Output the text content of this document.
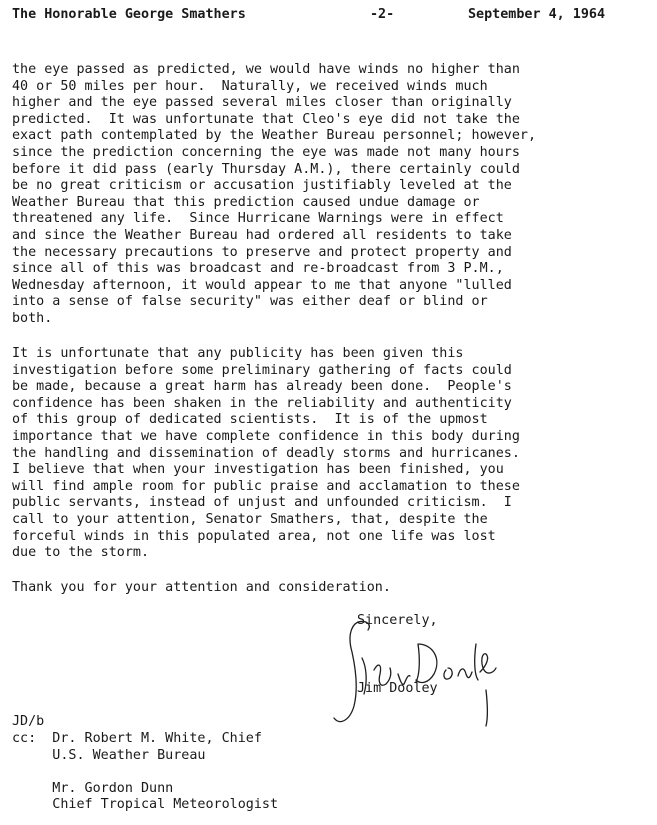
The Honorable George Smathers	-2-	September 4, 1964
the eye passed as predicted, we would have winds no higher than
40 or 50 miles per hour.  Naturally, we received winds much
higher and the eye passed several miles closer than originally
predicted.  It was unfortunate that Cleo's eye did not take the
exact path contemplated by the Weather Bureau personnel; however,
since the prediction concerning the eye was made not many hours
before it did pass (early Thursday A.M.), there certainly could
be no great criticism or accusation justifiably leveled at the
Weather Bureau that this prediction caused undue damage or
threatened any life.  Since Hurricane Warnings were in effect
and since the Weather Bureau had ordered all residents to take
the necessary precautions to preserve and protect property and
since all of this was broadcast and re-broadcast from 3 P.M.,
Wednesday afternoon, it would appear to me that anyone "lulled
into a sense of false security" was either deaf or blind or
both.
It is unfortunate that any publicity has been given this
investigation before some preliminary gathering of facts could
be made, because a great harm has already been done.  People's
confidence has been shaken in the reliability and authenticity
of this group of dedicated scientists.  It is of the upmost
importance that we have complete confidence in this body during
the handling and dissemination of deadly storms and hurricanes.
I believe that when your investigation has been finished, you
will find ample room for public praise and acclamation to these
public servants, instead of unjust and unfounded criticism.  I
call to your attention, Senator Smathers, that, despite the
forceful winds in this populated area, not one life was lost
due to the storm.
Thank you for your attention and consideration.
Sincerely,
Jim Dooley
JD/b
cc:  Dr. Robert M. White, Chief
U.S. Weather Bureau
Mr. Gordon Dunn
Chief Tropical Meteorologist
